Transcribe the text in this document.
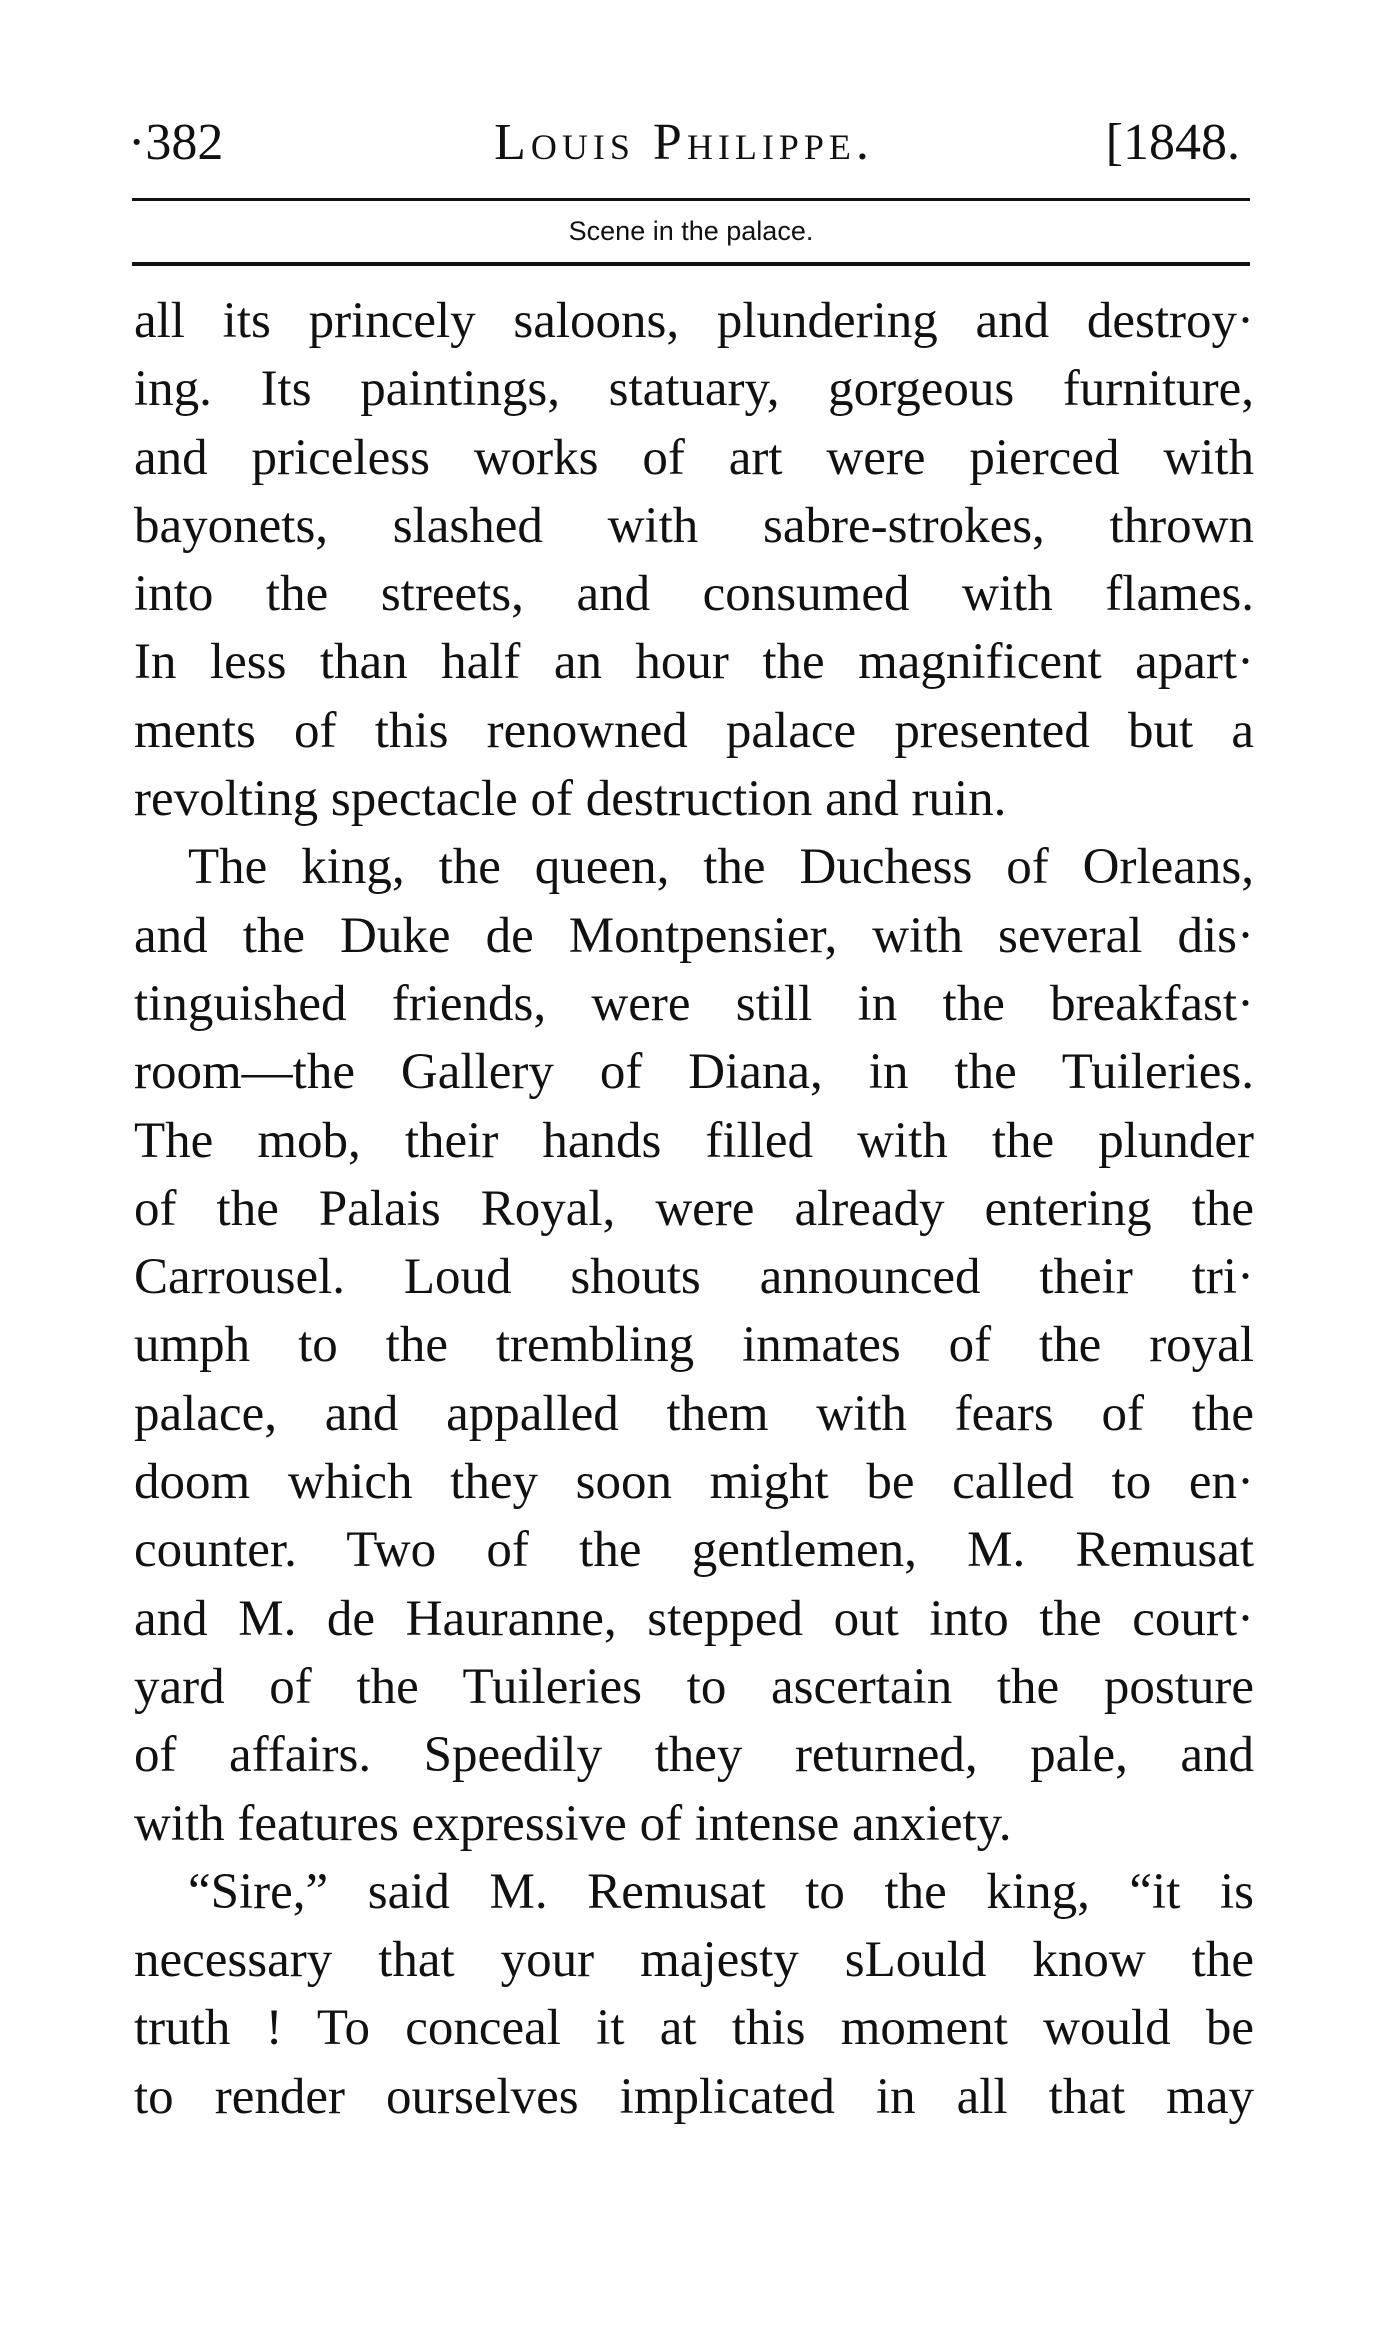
·382	Louis Philippe.	[1848.
Scene in the palace.
all its princely saloons, plundering and destroy·
ing. Its paintings, statuary, gorgeous furniture,
and priceless works of art were pierced with
bayonets, slashed with sabre-strokes, thrown
into the streets, and consumed with flames.
In less than half an hour the magnificent apart·
ments of this renowned palace presented but a
revolting spectacle of destruction and ruin.
The king, the queen, the Duchess of Orleans,
and the Duke de Montpensier, with several dis·
tinguished friends, were still in the breakfast·
room—the Gallery of Diana, in the Tuileries.
The mob, their hands filled with the plunder
of the Palais Royal, were already entering the
Carrousel. Loud shouts announced their tri·
umph to the trembling inmates of the royal
palace, and appalled them with fears of the
doom which they soon might be called to en·
counter. Two of the gentlemen, M. Remusat
and M. de Hauranne, stepped out into the court·
yard of the Tuileries to ascertain the posture
of affairs. Speedily they returned, pale, and
with features expressive of intense anxiety.
“Sire,” said M. Remusat to the king, “it is
necessary that your majesty sLould know the
truth ! To conceal it at this moment would be
to render ourselves implicated in all that may
